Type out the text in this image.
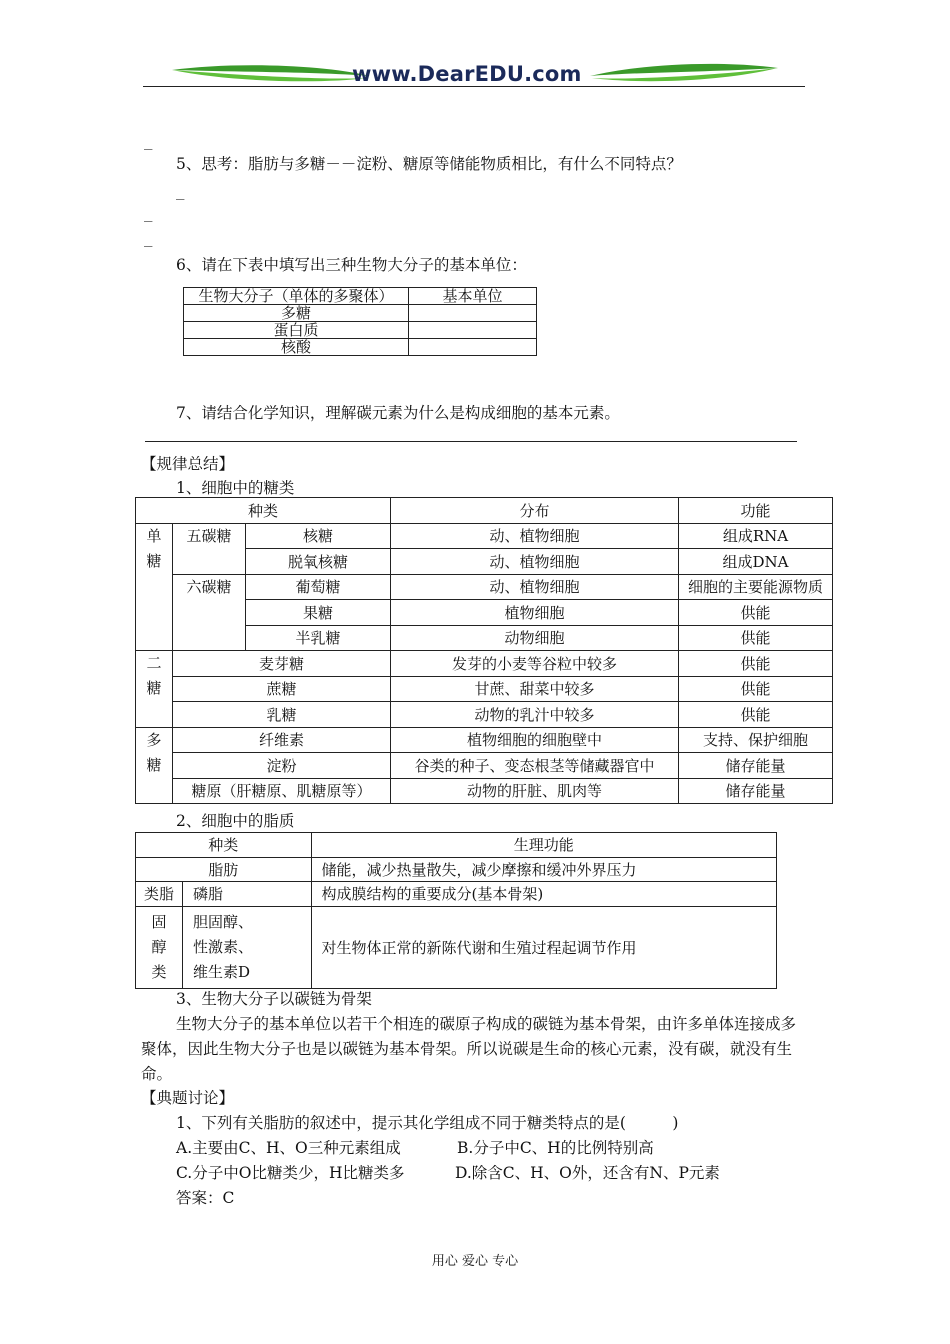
www.DearEDU.com
_
5、思考：脂肪与多糖－－淀粉、糖原等储能物质相比，有什么不同特点？
_
_
_
6、请在下表中填写出三种生物大分子的基本单位：
生物大分子（单体的多聚体）	基本单位
多糖	
蛋白质	
核酸	
7、请结合化学知识，理解碳元素为什么是构成细胞的基本元素。
【规律总结】
1、细胞中的糖类
种类			分布	功能
单
糖	五碳糖	核糖	动、植物细胞	组成RNA
		脱氧核糖	动、植物细胞	组成DNA
	六碳糖	葡萄糖	动、植物细胞	细胞的主要能源物质
		果糖	植物细胞	供能
		半乳糖	动物细胞	供能
二
糖	麦芽糖		发芽的小麦等谷粒中较多	供能
	蔗糖		甘蔗、甜菜中较多	供能
	乳糖		动物的乳汁中较多	供能
多
糖	纤维素		植物细胞的细胞壁中	支持、保护细胞
	淀粉		谷类的种子、变态根茎等储藏器官中	储存能量
	糖原（肝糖原、肌糖原等）		动物的肝脏、肌肉等	储存能量
2、细胞中的脂质
种类		生理功能
脂肪		储能，减少热量散失，减少摩擦和缓冲外界压力
类脂	磷脂	构成膜结构的重要成分(基本骨架)
固
醇
类	胆固醇、
性激素、
维生素D	对生物体正常的新陈代谢和生殖过程起调节作用
3、生物大分子以碳链为骨架
生物大分子的基本单位以若干个相连的碳原子构成的碳链为基本骨架，由许多单体连接成多聚体，因此生物大分子也是以碳链为基本骨架。所以说碳是生命的核心元素，没有碳，就没有生命。
【典题讨论】
1、下列有关脂肪的叙述中，提示其化学组成不同于糖类特点的是(　　　)
A.主要由C、H、O三种元素组成	B.分子中C、H的比例特别高
C.分子中O比糖类少，H比糖类多	D.除含C、H、O外，还含有N、P元素
答案：C
用心 爱心 专心
